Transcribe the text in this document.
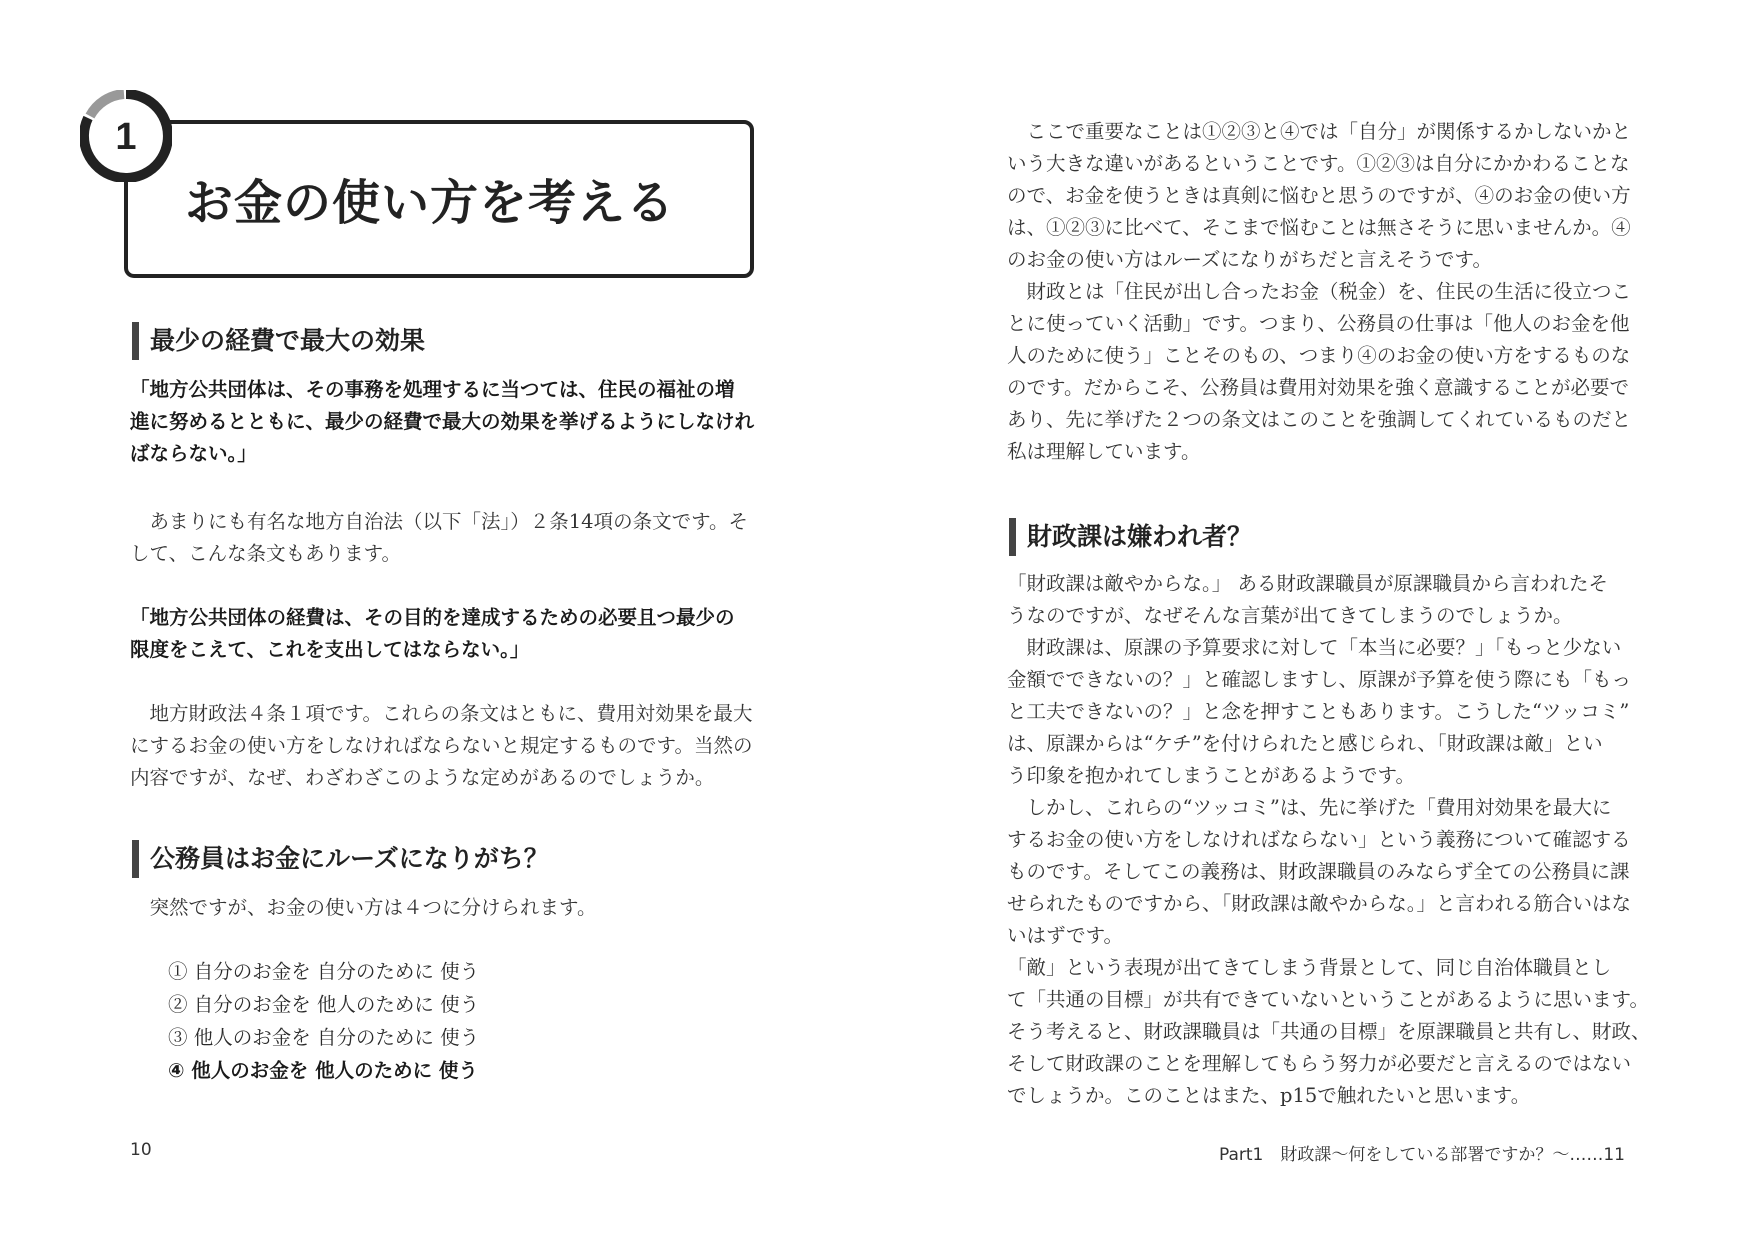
1
お金の使い方を考える
最少の経費で最大の効果
「地方公共団体は、その事務を処理するに当つては、住民の福祉の増
進に努めるとともに、最少の経費で最大の効果を挙げるようにしなけれ
ばならない。」
　あまりにも有名な地方自治法（以下「法」）２条14項の条文です。そ
して、こんな条文もあります。
「地方公共団体の経費は、その目的を達成するための必要且つ最少の
限度をこえて、これを支出してはならない。」
　地方財政法４条１項です。これらの条文はともに、費用対効果を最大
にするお金の使い方をしなければならないと規定するものです。当然の
内容ですが、なぜ、わざわざこのような定めがあるのでしょうか。
公務員はお金にルーズになりがち？
　突然ですが、お金の使い方は４つに分けられます。
① 自分のお金を 自分のために 使う
② 自分のお金を 他人のために 使う
③ 他人のお金を 自分のために 使う
④ 他人のお金を 他人のために 使う
10
　ここで重要なことは①②③と④では「自分」が関係するかしないかと
いう大きな違いがあるということです。①②③は自分にかかわることな
ので、お金を使うときは真剣に悩むと思うのですが、④のお金の使い方
は、①②③に比べて、そこまで悩むことは無さそうに思いませんか。④
のお金の使い方はルーズになりがちだと言えそうです。
　財政とは「住民が出し合ったお金（税金）を、住民の生活に役立つこ
とに使っていく活動」です。つまり、公務員の仕事は「他人のお金を他
人のために使う」ことそのもの、つまり④のお金の使い方をするものな
のです。だからこそ、公務員は費用対効果を強く意識することが必要で
あり、先に挙げた２つの条文はこのことを強調してくれているものだと
私は理解しています。
財政課は嫌われ者？
「財政課は敵やからな。」 ある財政課職員が原課職員から言われたそ
うなのですが、なぜそんな言葉が出てきてしまうのでしょうか。
　財政課は、原課の予算要求に対して「本当に必要？」「もっと少ない
金額でできないの？」と確認しますし、原課が予算を使う際にも「もっ
と工夫できないの？」と念を押すこともあります。こうした“ツッコミ”
は、原課からは“ケチ”を付けられたと感じられ、「財政課は敵」とい
う印象を抱かれてしまうことがあるようです。
　しかし、これらの“ツッコミ”は、先に挙げた「費用対効果を最大に
するお金の使い方をしなければならない」という義務について確認する
ものです。そしてこの義務は、財政課職員のみならず全ての公務員に課
せられたものですから、「財政課は敵やからな。」と言われる筋合いはな
いはずです。
「敵」という表現が出てきてしまう背景として、同じ自治体職員とし
て「共通の目標」が共有できていないということがあるように思います。
そう考えると、財政課職員は「共通の目標」を原課職員と共有し、財政、
そして財政課のことを理解してもらう努力が必要だと言えるのではない
でしょうか。このことはまた、p15で触れたいと思います。
Part1　財政課〜何をしている部署ですか？〜……11
